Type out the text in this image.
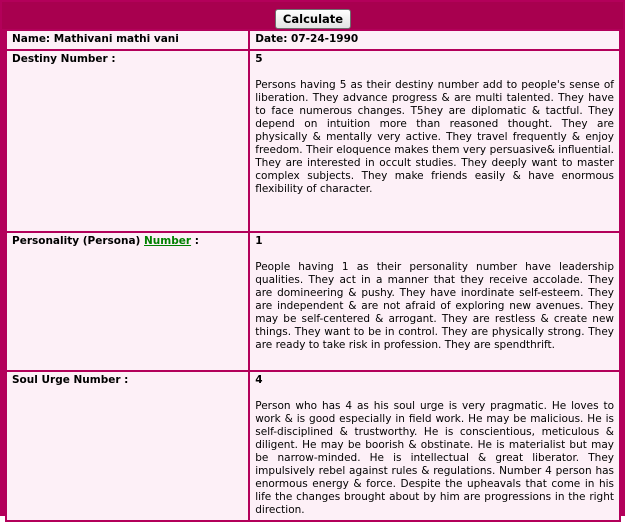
Calculate
Name: Mathivani mathi vani	Date: 07-24-1990
Destiny Number :	5
Persons having 5 as their destiny number add to people's sense of liberation. They advance progress & are multi talented. They have to face numerous changes. T5hey are diplomatic & tactful. They depend on intuition more than reasoned thought. They are physically & mentally very active. They travel frequently & enjoy freedom. Their eloquence makes them very persuasive& influential. They are interested in occult studies. They deeply want to master complex subjects. They make friends easily & have enormous flexibility of character.

Personality (Persona) Number :	1
People having 1 as their personality number have leadership qualities. They act in a manner that they receive accolade. They are domineering & pushy. They have inordinate self-esteem. They are independent & are not afraid of exploring new avenues. They may be self-centered & arrogant. They are restless & create new things. They want to be in control. They are physically strong. They are ready to take risk in profession. They are spendthrift.

Soul Urge Number :	4
Person who has 4 as his soul urge is very pragmatic. He loves to work & is good especially in field work. He may be malicious. He is self-disciplined & trustworthy. He is conscientious, meticulous & diligent. He may be boorish & obstinate. He is materialist but may be narrow-minded. He is intellectual & great liberator. They impulsively rebel against rules & regulations. Number 4 person has enormous energy & force. Despite the upheavals that come in his life the changes brought about by him are progressions in the right direction.
